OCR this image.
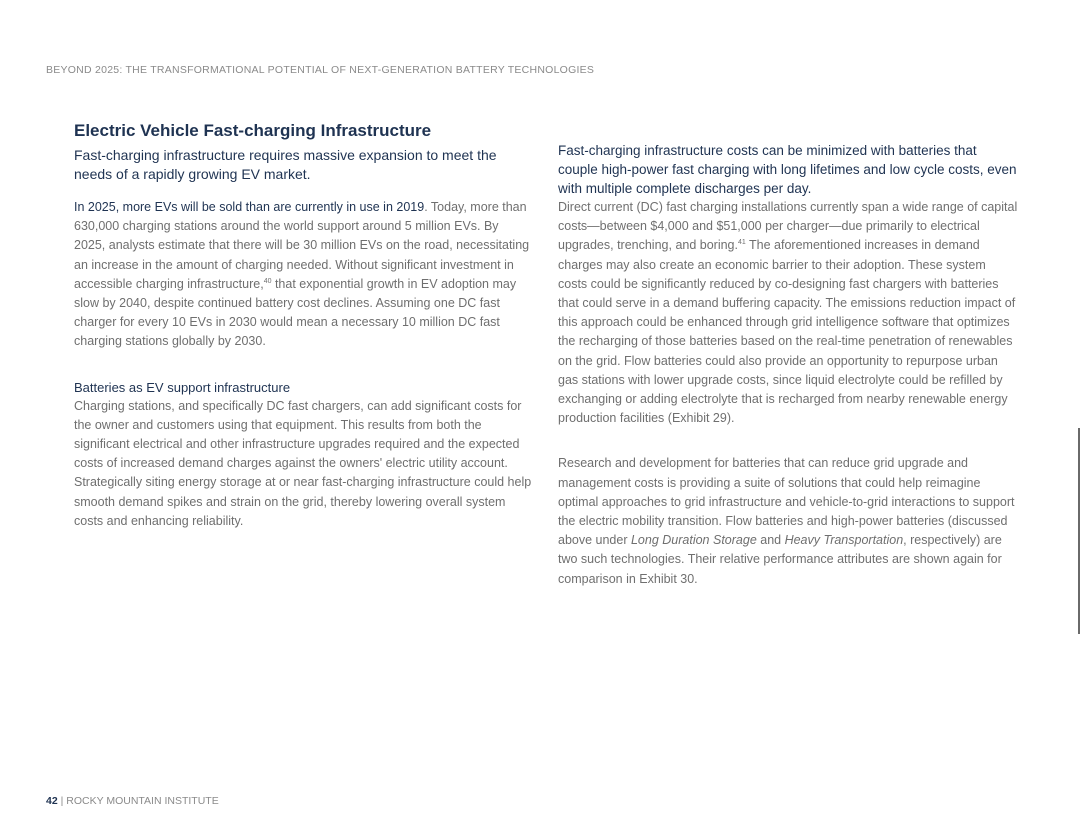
BEYOND 2025: THE TRANSFORMATIONAL POTENTIAL OF NEXT-GENERATION BATTERY TECHNOLOGIES
Electric Vehicle Fast-charging Infrastructure
Fast-charging infrastructure requires massive expansion to meet the needs of a rapidly growing EV market.

In 2025, more EVs will be sold than are currently in use in 2019. Today, more than 630,000 charging stations around the world support around 5 million EVs. By 2025, analysts estimate that there will be 30 million EVs on the road, necessitating an increase in the amount of charging needed. Without significant investment in accessible charging infrastructure,$^{40}$ that exponential growth in EV adoption may slow by 2040, despite continued battery cost declines. Assuming one DC fast charger for every 10 EVs in 2030 would mean a necessary 10 million DC fast charging stations globally by 2030.

Batteries as EV support infrastructure

Charging stations, and specifically DC fast chargers, can add significant costs for the owner and customers using that equipment. This results from both the significant electrical and other infrastructure upgrades required and the expected costs of increased demand charges against the owners' electric utility account. Strategically siting energy storage at or near fast-charging infrastructure could help smooth demand spikes and strain on the grid, thereby lowering overall system costs and enhancing reliability.

Fast-charging infrastructure costs can be minimized with batteries that couple high-power fast charging with long lifetimes and low cycle costs, even with multiple complete discharges per day.

Direct current (DC) fast charging installations currently span a wide range of capital costs—between $4,000 and $51,000 per charger—due primarily to electrical upgrades, trenching, and boring.$^{41}$ The aforementioned increases in demand charges may also create an economic barrier to their adoption. These system costs could be significantly reduced by co-designing fast chargers with batteries that could serve in a demand buffering capacity. The emissions reduction impact of this approach could be enhanced through grid intelligence software that optimizes the recharging of those batteries based on the real-time penetration of renewables on the grid. Flow batteries could also provide an opportunity to repurpose urban gas stations with lower upgrade costs, since liquid electrolyte could be refilled by exchanging or adding electrolyte that is recharged from nearby renewable energy production facilities (Exhibit 29).

Research and development for batteries that can reduce grid upgrade and management costs is providing a suite of solutions that could help reimagine optimal approaches to grid infrastructure and vehicle-to-grid interactions to support the electric mobility transition. Flow batteries and high-power batteries (discussed above under Long Duration Storage and Heavy Transportation, respectively) are two such technologies. Their relative performance attributes are shown again for comparison in Exhibit 30.

42 | ROCKY MOUNTAIN INSTITUTE
